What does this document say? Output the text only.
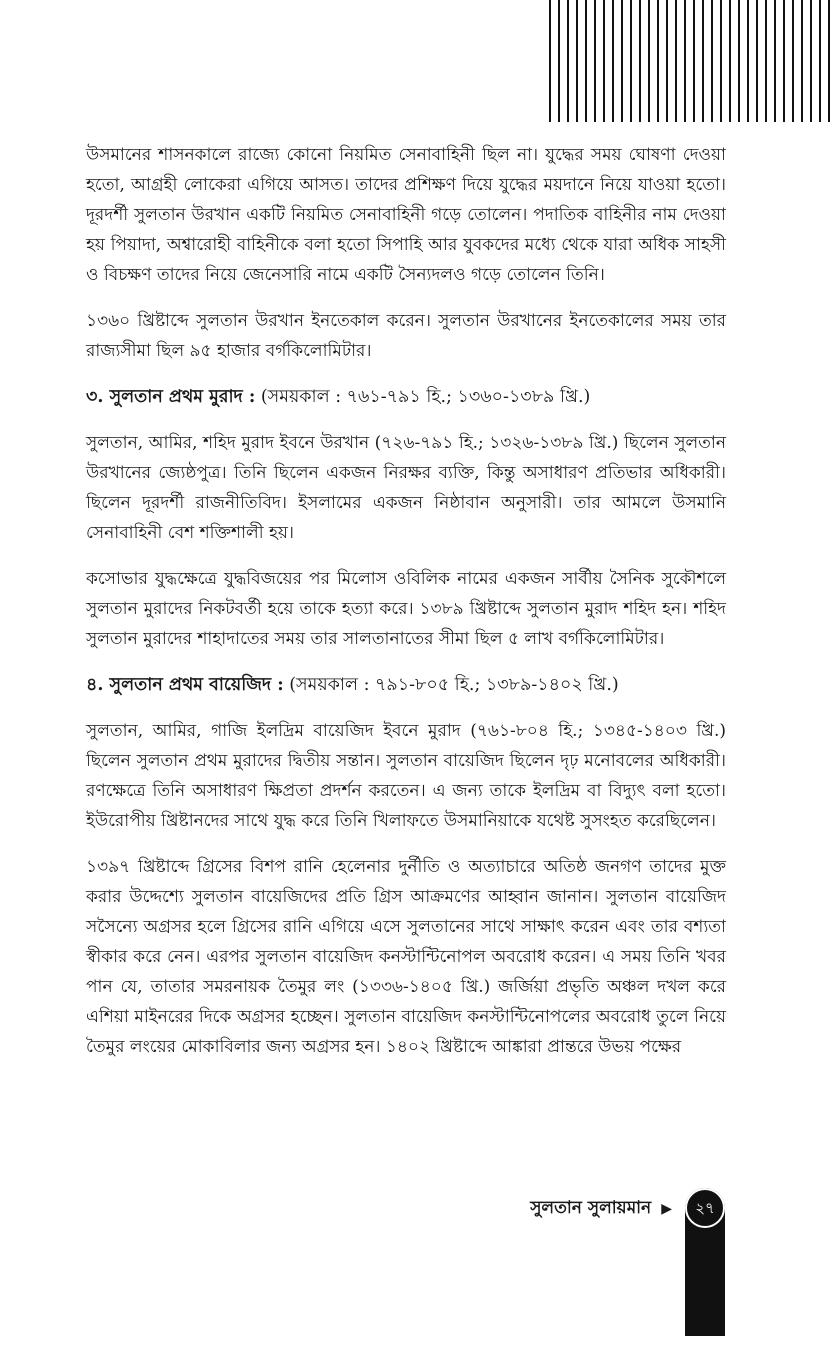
উসমানের শাসনকালে রাজ্যে কোনো নিয়মিত সেনাবাহিনী ছিল না। যুদ্ধের সময় ঘোষণা দেওয়া হতো, আগ্রহী লোকেরা এগিয়ে আসত। তাদের প্রশিক্ষণ দিয়ে যুদ্ধের ময়দানে নিয়ে যাওয়া হতো। দূরদর্শী সুলতান উরখান একটি নিয়মিত সেনাবাহিনী গড়ে তোলেন। পদাতিক বাহিনীর নাম দেওয়া হয় পিয়াদা, অশ্বারোহী বাহিনীকে বলা হতো সিপাহি আর যুবকদের মধ্যে থেকে যারা অধিক সাহসী ও বিচক্ষণ তাদের নিয়ে জেনেসারি নামে একটি সৈন্যদলও গড়ে তোলেন তিনি।

১৩৬০ খ্রিষ্টাব্দে সুলতান উরখান ইনতেকাল করেন। সুলতান উরখানের ইনতেকালের সময় তার রাজ্যসীমা ছিল ৯৫ হাজার বর্গকিলোমিটার।

৩. সুলতান প্রথম মুরাদ : (সময়কাল : ৭৬১-৭৯১ হি.; ১৩৬০-১৩৮৯ খ্রি.)

সুলতান, আমির, শহিদ মুরাদ ইবনে উরখান (৭২৬-৭৯১ হি.; ১৩২৬-১৩৮৯ খ্রি.) ছিলেন সুলতান উরখানের জ্যেষ্ঠপুত্র। তিনি ছিলেন একজন নিরক্ষর ব্যক্তি, কিন্তু অসাধারণ প্রতিভার অধিকারী। ছিলেন দূরদর্শী রাজনীতিবিদ। ইসলামের একজন নিষ্ঠাবান অনুসারী। তার আমলে উসমানি সেনাবাহিনী বেশ শক্তিশালী হয়।

কসোভার যুদ্ধক্ষেত্রে যুদ্ধবিজয়ের পর মিলোস ওবিলিক নামের একজন সার্বীয় সৈনিক সুকৌশলে সুলতান মুরাদের নিকটবর্তী হয়ে তাকে হত্যা করে। ১৩৮৯ খ্রিষ্টাব্দে সুলতান মুরাদ শহিদ হন। শহিদ সুলতান মুরাদের শাহাদাতের সময় তার সালতানাতের সীমা ছিল ৫ লাখ বর্গকিলোমিটার।

৪. সুলতান প্রথম বায়েজিদ : (সময়কাল : ৭৯১-৮০৫ হি.; ১৩৮৯-১৪০২ খ্রি.)

সুলতান, আমির, গাজি ইলদ্রিম বায়েজিদ ইবনে মুরাদ (৭৬১-৮০৪ হি.; ১৩৪৫-১৪০৩ খ্রি.) ছিলেন সুলতান প্রথম মুরাদের দ্বিতীয় সন্তান। সুলতান বায়েজিদ ছিলেন দৃঢ় মনোবলের অধিকারী। রণক্ষেত্রে তিনি অসাধারণ ক্ষিপ্রতা প্রদর্শন করতেন। এ জন্য তাকে ইলদ্রিম বা বিদ্যুৎ বলা হতো। ইউরোপীয় খ্রিষ্টানদের সাথে যুদ্ধ করে তিনি খিলাফতে উসমানিয়াকে যথেষ্ট সুসংহত করেছিলেন।

১৩৯৭ খ্রিষ্টাব্দে গ্রিসের বিশপ রানি হেলেনার দুর্নীতি ও অত্যাচারে অতিষ্ঠ জনগণ তাদের মুক্ত করার উদ্দেশ্যে সুলতান বায়েজিদের প্রতি গ্রিস আক্রমণের আহ্বান জানান। সুলতান বায়েজিদ সসৈন্যে অগ্রসর হলে গ্রিসের রানি এগিয়ে এসে সুলতানের সাথে সাক্ষাৎ করেন এবং তার বশ্যতা স্বীকার করে নেন। এরপর সুলতান বায়েজিদ কনস্টান্টিনোপল অবরোধ করেন। এ সময় তিনি খবর পান যে, তাতার সমরনায়ক তৈমুর লং (১৩৩৬-১৪০৫ খ্রি.) জর্জিয়া প্রভৃতি অঞ্চল দখল করে এশিয়া মাইনরের দিকে অগ্রসর হচ্ছেন। সুলতান বায়েজিদ কনস্টান্টিনোপলের অবরোধ তুলে নিয়ে তৈমুর লংয়ের মোকাবিলার জন্য অগ্রসর হন। ১৪০২ খ্রিষ্টাব্দে আঙ্কারা প্রান্তরে উভয় পক্ষের

সুলতান সুলায়মান ▶	২৭
